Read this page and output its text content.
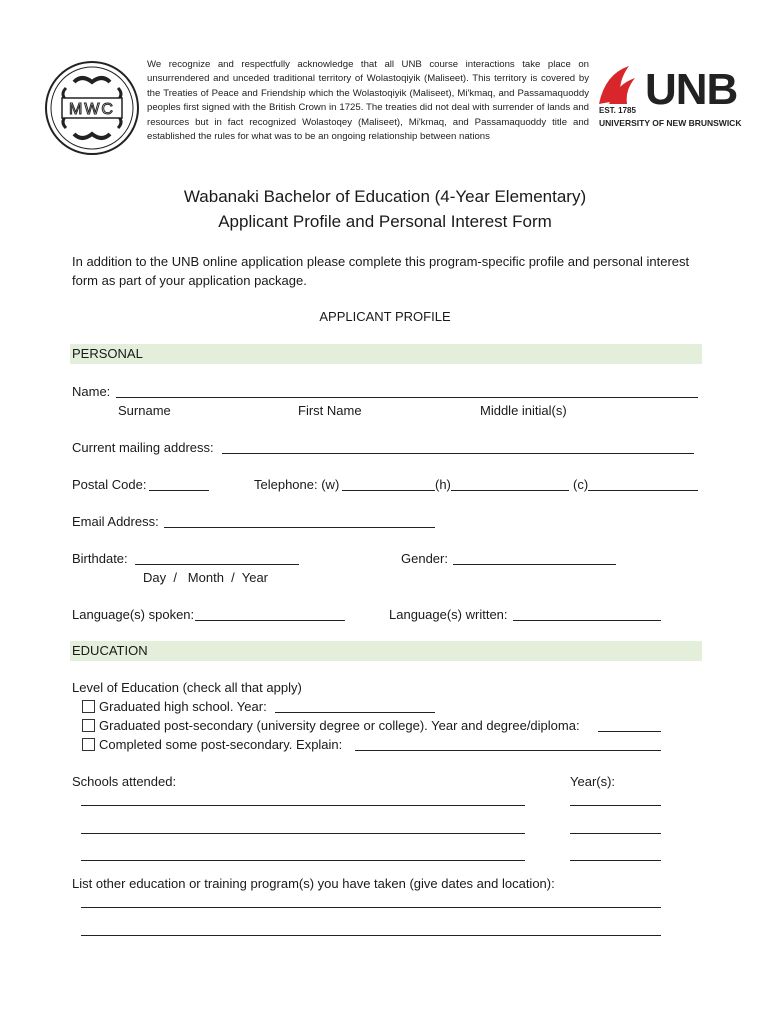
MWC
We recognize and respectfully acknowledge that all UNB course interactions take place on unsurrendered and unceded traditional territory of Wolastoqiyik (Maliseet). This territory is covered by the Treaties of Peace and Friendship which the Wolastoqiyik (Maliseet), Mi'kmaq, and Passamaquoddy peoples first signed with the British Crown in 1725. The treaties did not deal with surrender of lands and resources but in fact recognized Wolastoqey (Maliseet), Mi'kmaq, and Passamaquoddy title and established the rules for what was to be an ongoing relationship between nations
EST. 1785 UNB
UNIVERSITY OF NEW BRUNSWICK
Wabanaki Bachelor of Education (4-Year Elementary)
Applicant Profile and Personal Interest Form
In addition to the UNB online application please complete this program-specific profile and personal interest form as part of your application package.
APPLICANT PROFILE
PERSONAL
Name:
Surname	First Name	Middle initial(s)
Current mailing address:
Postal Code:	Telephone: (w)	(h)	(c)
Email Address:
Birthdate:
Day  /   Month  /  Year
Gender:
Language(s) spoken:	Language(s) written:
EDUCATION
Level of Education (check all that apply)
Graduated high school. Year:
Graduated post-secondary (university degree or college). Year and degree/diploma:
Completed some post-secondary. Explain:
Schools attended:	Year(s):
List other education or training program(s) you have taken (give dates and location):
